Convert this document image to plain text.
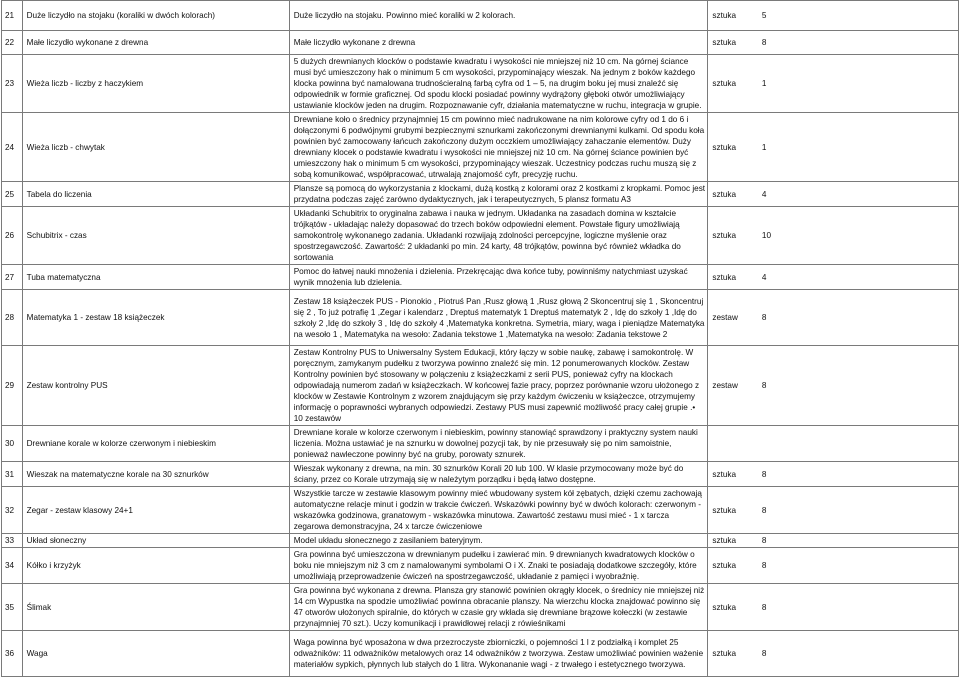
21	Duże liczydło na stojaku (koraliki w dwóch kolorach)	Duże liczydło na stojaku. Powinno mieć koraliki w 2 kolorach.	sztuka	5
22	Małe liczydło wykonane z drewna	Małe liczydło wykonane z drewna	sztuka	8
23	Wieża liczb - liczby z haczykiem	5 dużych drewnianych klocków o podstawie kwadratu i wysokości nie mniejszej niż 10 cm. Na górnej ściance musi być umieszczony hak o minimum 5 cm wysokości, przypominający wieszak. Na jednym z boków każdego klocka powinna być namalowana trudnościeralną farbą cyfra od 1 – 5, na drugim boku jej musi znaleźć się odpowiednik w formie graficznej. Od spodu klocki posiadać powinny wydrążony głęboki otwór umożliwiający ustawianie klocków jeden na drugim. Rozpoznawanie cyfr, działania matematyczne w ruchu, integracja w grupie.	sztuka	1
24	Wieża liczb - chwytak	Drewniane koło o średnicy przynajmniej 15 cm powinno mieć nadrukowane na nim kolorowe cyfry od 1 do 6 i dołączonymi 6 podwójnymi grubymi bezpiecznymi sznurkami zakończonymi drewnianymi kulkami. Od spodu koła powinien być zamocowany łańcuch zakończony dużym occzkiem umożliwiający zahaczanie elementów. Duży drewniany klocek o podstawie kwadratu i wysokości nie mniejszej niż 10 cm. Na górnej ściance powinien być umieszczony hak o minimum 5 cm wysokości, przypominający wieszak. Uczestnicy podczas ruchu muszą się z sobą komunikować, współpracować, utrwalają znajomość cyfr, precyzję ruchu.	sztuka	1
25	Tabela do liczenia	Plansze są pomocą do wykorzystania z klockami, dużą kostką z kolorami oraz 2 kostkami z kropkami. Pomoc jest przydatna podczas zajęć zarówno dydaktycznych, jak i terapeutycznych, 5 plansz formatu A3	sztuka	4
26	Schubitrix - czas	Układanki Schubitrix to oryginalna zabawa i nauka w jednym. Układanka na zasadach domina w kształcie trójkątów - układając należy dopasować do trzech boków odpowiedni element. Powstałe figury umożliwiają samokontrolę wykonanego zadania. Układanki rozwijają zdolności percepcyjne, logiczne myślenie oraz spostrzegawczość. Zawartość: 2 układanki po min. 24 karty, 48 trójkątów, powinna być również wkładka do sortowania	sztuka	10
27	Tuba matematyczna	Pomoc do łatwej nauki mnożenia i dzielenia. Przekręcając dwa końce tuby, powinniśmy natychmiast uzyskać wynik mnożenia lub dzielenia.	sztuka	4
28	Matematyka 1 - zestaw 18 książeczek	Zestaw 18 książeczek PUS - Pionokio , Piotruś Pan ,Rusz głową 1 ,Rusz głową 2 Skoncentruj się 1 , Skoncentruj się 2 , To już potrafię 1 ,Zegar i kalendarz , Dreptuś matematyk 1 Dreptuś matematyk 2 , Idę do szkoły 1 ,Idę do szkoły 2 ,Idę do szkoły 3 , Idę do szkoły 4 ,Matematyka konkretna. Symetria, miary, waga i pieniądze Matematyka na wesoło 1 , Matematyka na wesoło: Zadania tekstowe 1 ,Matematyka na wesoło: Zadania tekstowe 2	zestaw	8
29	Zestaw kontrolny PUS	Zestaw Kontrolny PUS to Uniwersalny System Edukacji, który łączy w sobie naukę, zabawę i samokontrolę. W poręcznym, zamykanym pudełku z tworzywa powinno znaleźć się min. 12 ponumerowanych klocków. Zestaw Kontrolny powinien być stosowany w połączeniu z książeczkami z serii PUS, ponieważ cyfry na klockach odpowiadają numerom zadań w książeczkach. W końcowej fazie pracy, poprzez porównanie wzoru ułożonego z klocków w Zestawie Kontrolnym z wzorem znajdującym się przy każdym ćwiczeniu w książeczce, otrzymujemy informację o poprawności wybranych odpowiedzi. Zestawy PUS musi zapewnić możliwość pracy całej grupie .• 10 zestawów	zestaw	8
30	Drewniane korale w kolorze czerwonym i niebieskim	Drewniane korale w kolorze czerwonym i niebieskim, powinny stanowiąć sprawdzony i praktyczny system nauki liczenia. Można ustawiać je na sznurku w dowolnej pozycji tak, by nie przesuwały się po nim samoistnie, ponieważ nawleczone powinny być na gruby, porowaty sznurek.		
31	Wieszak na matematyczne korale na 30 sznurków	Wieszak wykonany z drewna, na min. 30 sznurków Korali 20 lub 100. W klasie przymocowany może być do ściany, przez co Korale utrzymają się w należytym porządku i będą łatwo dostępne.	sztuka	8
32	Zegar - zestaw klasowy 24+1	Wszystkie tarcze w zestawie klasowym powinny mieć wbudowany system kół zębatych, dzięki czemu zachowają automatyczne relacje minut i godzin w trakcie ćwiczeń. Wskazówki powinny być w dwóch kolorach: czerwonym - wskazówka godzinowa, granatowym - wskazówka minutowa. Zawartość zestawu musi mieć - 1 x tarcza zegarowa demonstracyjna, 24 x tarcze ćwiczeniowe	sztuka	8
33	Układ słoneczny	Model układu słonecznego z zasilaniem bateryjnym.	sztuka	8
34	Kółko i krzyżyk	Gra powinna być umieszczona w drewnianym pudełku i zawierać min. 9 drewnianych kwadratowych klocków o boku nie mniejszym niż 3 cm z namalowanymi symbolami O i X. Znaki te posiadają dodatkowe szczegóły, które umożliwiają przeprowadzenie ćwiczeń na spostrzegawczość, układanie z pamięci i wyobraźnię.	sztuka	8
35	Ślimak	Gra powinna być wykonana z drewna. Plansza gry stanowić powinien okrągły klocek, o średnicy nie mniejszej niż 14 cm Wypustka na spodzie umożliwiać powinna obracanie planszy. Na wierzchu klocka znajdować powinno się 47 otworów ułożonych spiralnie, do których w czasie gry wkłada się drewniane brązowe kołeczki (w zestawie przynajmniej 70 szt.). Uczy komunikacji i prawidłowej relacji z rówieśnikami	sztuka	8
36	Waga	Waga powinna być wposażona w dwa przezroczyste zbiorniczki, o pojemności 1 l z podziałką i komplet 25 odważników: 11 odważników metalowych oraz 14 odważników z tworzywa. Zestaw umożliwiać powinien ważenie materiałów sypkich, płynnych lub stałych do 1 litra. Wykonananie wagi - z trwałego i estetycznego tworzywa.	sztuka	8
